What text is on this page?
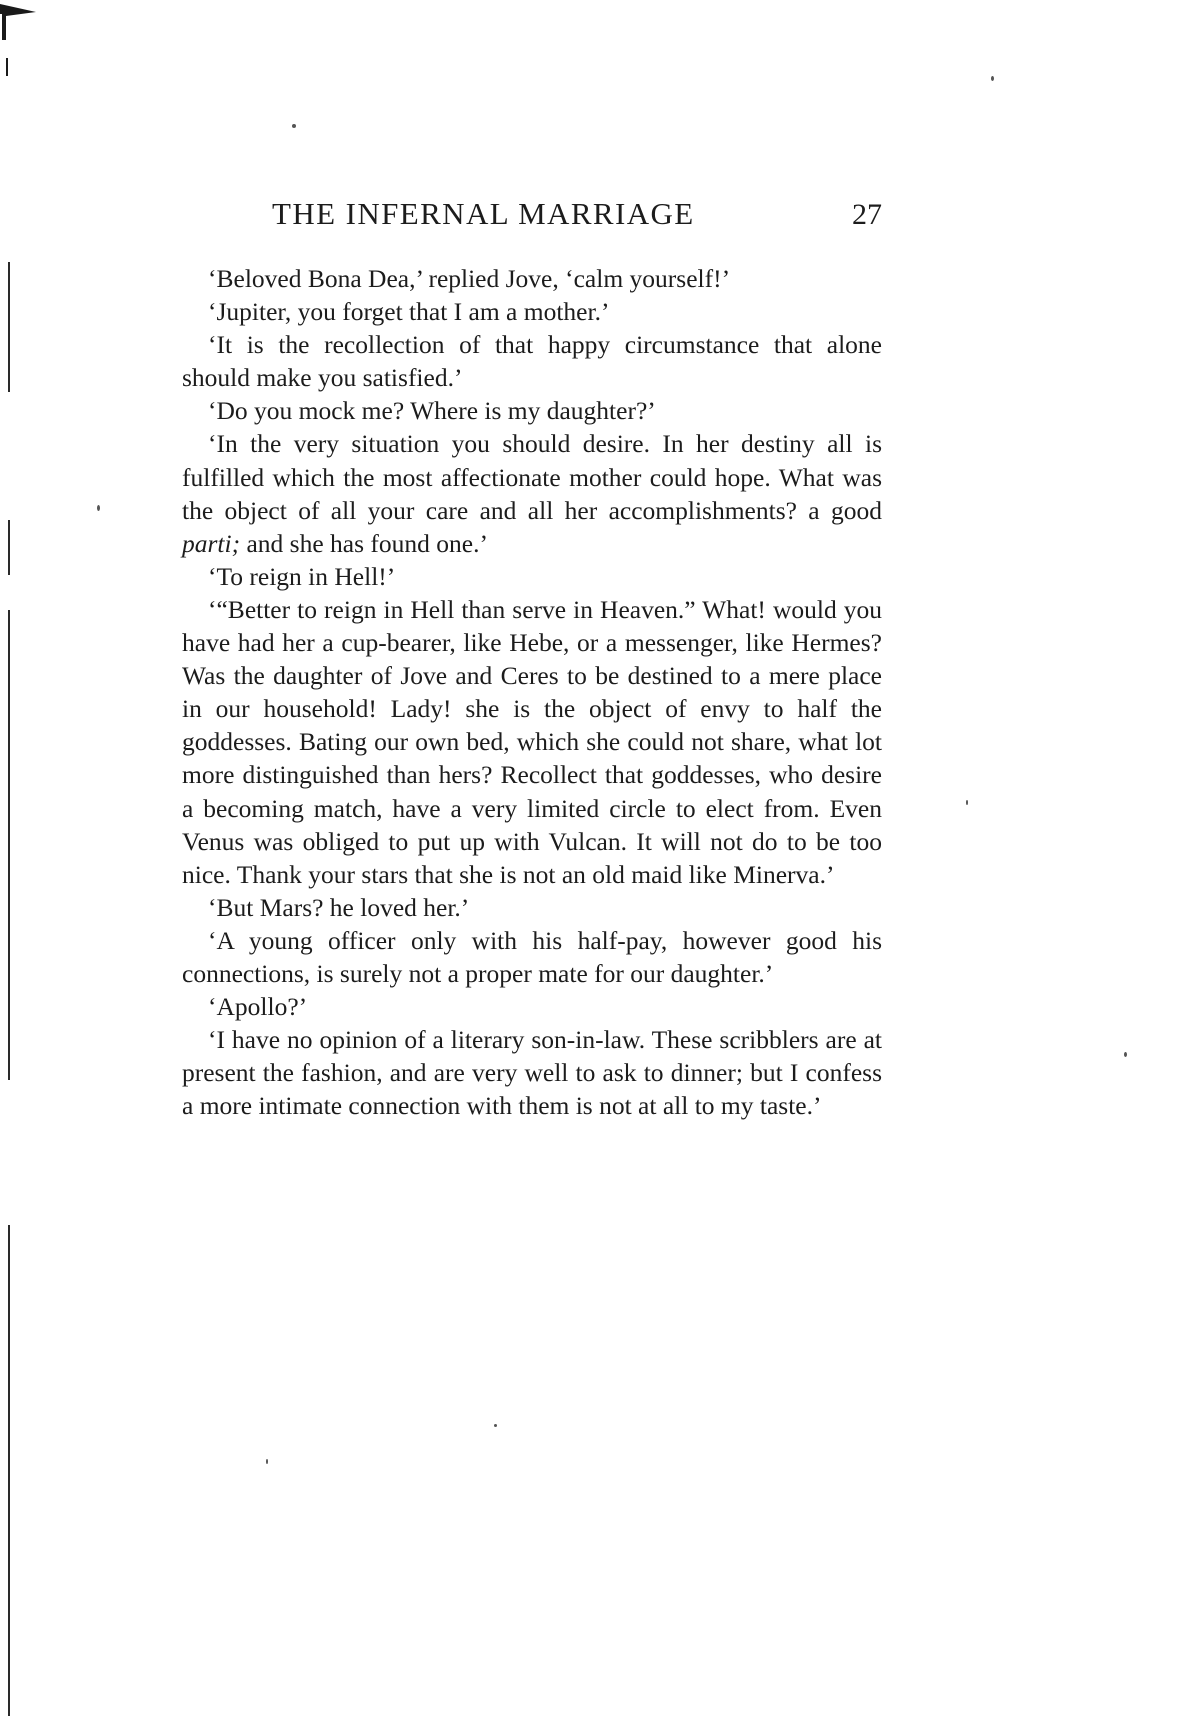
THE INFERNAL MARRIAGE	27

‘Beloved Bona Dea,’ replied Jove, ‘calm yourself!’

‘Jupiter, you forget that I am a mother.’

‘It is the recollection of that happy circumstance that alone should make you satisfied.’

‘Do you mock me? Where is my daughter?’

‘In the very situation you should desire. In her destiny all is fulfilled which the most affectionate mother could hope. What was the object of all your care and all her accomplishments? a good parti; and she has found one.’

‘To reign in Hell!’

‘“Better to reign in Hell than serve in Heaven.” What! would you have had her a cup-bearer, like Hebe, or a messenger, like Hermes? Was the daughter of Jove and Ceres to be destined to a mere place in our household! Lady! she is the object of envy to half the goddesses. Bating our own bed, which she could not share, what lot more distinguished than hers? Recollect that goddesses, who desire a becoming match, have a very limited circle to elect from. Even Venus was obliged to put up with Vulcan. It will not do to be too nice. Thank your stars that she is not an old maid like Minerva.’

‘But Mars? he loved her.’

‘A young officer only with his half-pay, however good his connections, is surely not a proper mate for our daughter.’

‘Apollo?’

‘I have no opinion of a literary son-in-law. These scribblers are at present the fashion, and are very well to ask to dinner; but I confess a more intimate connection with them is not at all to my taste.’
